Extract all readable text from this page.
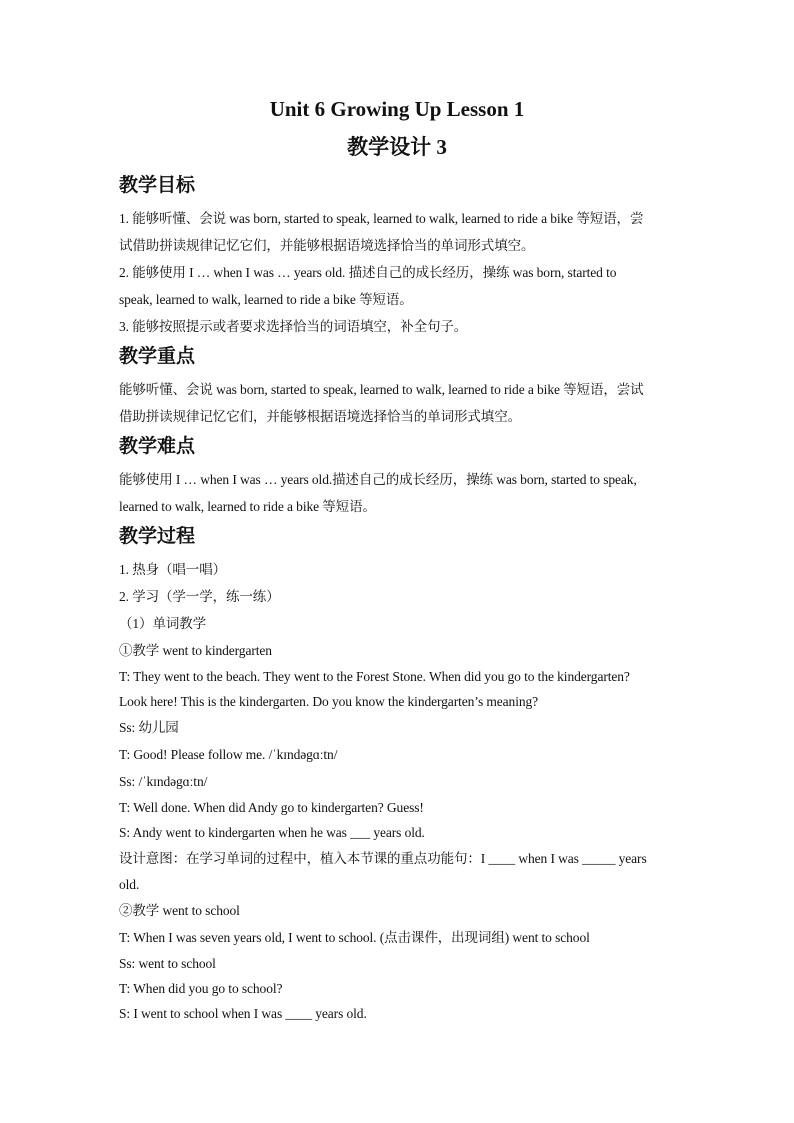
Unit 6 Growing Up Lesson 1
教学设计 3

教学目标

1. 能够听懂、会说 was born, started to speak, learned to walk, learned to ride a bike 等短语，尝

试借助拼读规律记忆它们，并能够根据语境选择恰当的单词形式填空。

2. 能够使用 I … when I was … years old. 描述自己的成长经历，操练 was born, started to

speak, learned to walk, learned to ride a bike 等短语。

3. 能够按照提示或者要求选择恰当的词语填空，补全句子。

教学重点

能够听懂、会说 was born, started to speak, learned to walk, learned to ride a bike 等短语，尝试

借助拼读规律记忆它们，并能够根据语境选择恰当的单词形式填空。

教学难点

能够使用 I … when I was … years old.描述自己的成长经历，操练 was born, started to speak,

learned to walk, learned to ride a bike 等短语。

教学过程

1. 热身（唱一唱）

2. 学习（学一学，练一练）

（1）单词教学

①教学 went to kindergarten

T: They went to the beach. They went to the Forest Stone. When did you go to the kindergarten?

Look here! This is the kindergarten. Do you know the kindergarten’s meaning?

Ss: 幼儿园

T: Good! Please follow me. /ˈkɪndəgɑːtn/

Ss: /ˈkɪndəgɑːtn/

T: Well done. When did Andy go to kindergarten? Guess!

S: Andy went to kindergarten when he was ___ years old.

设计意图：在学习单词的过程中，植入本节课的重点功能句：I ____ when I was _____ years

old.

②教学 went to school

T: When I was seven years old, I went to school. (点击课件，出现词组) went to school

Ss: went to school

T: When did you go to school?

S: I went to school when I was ____ years old.
